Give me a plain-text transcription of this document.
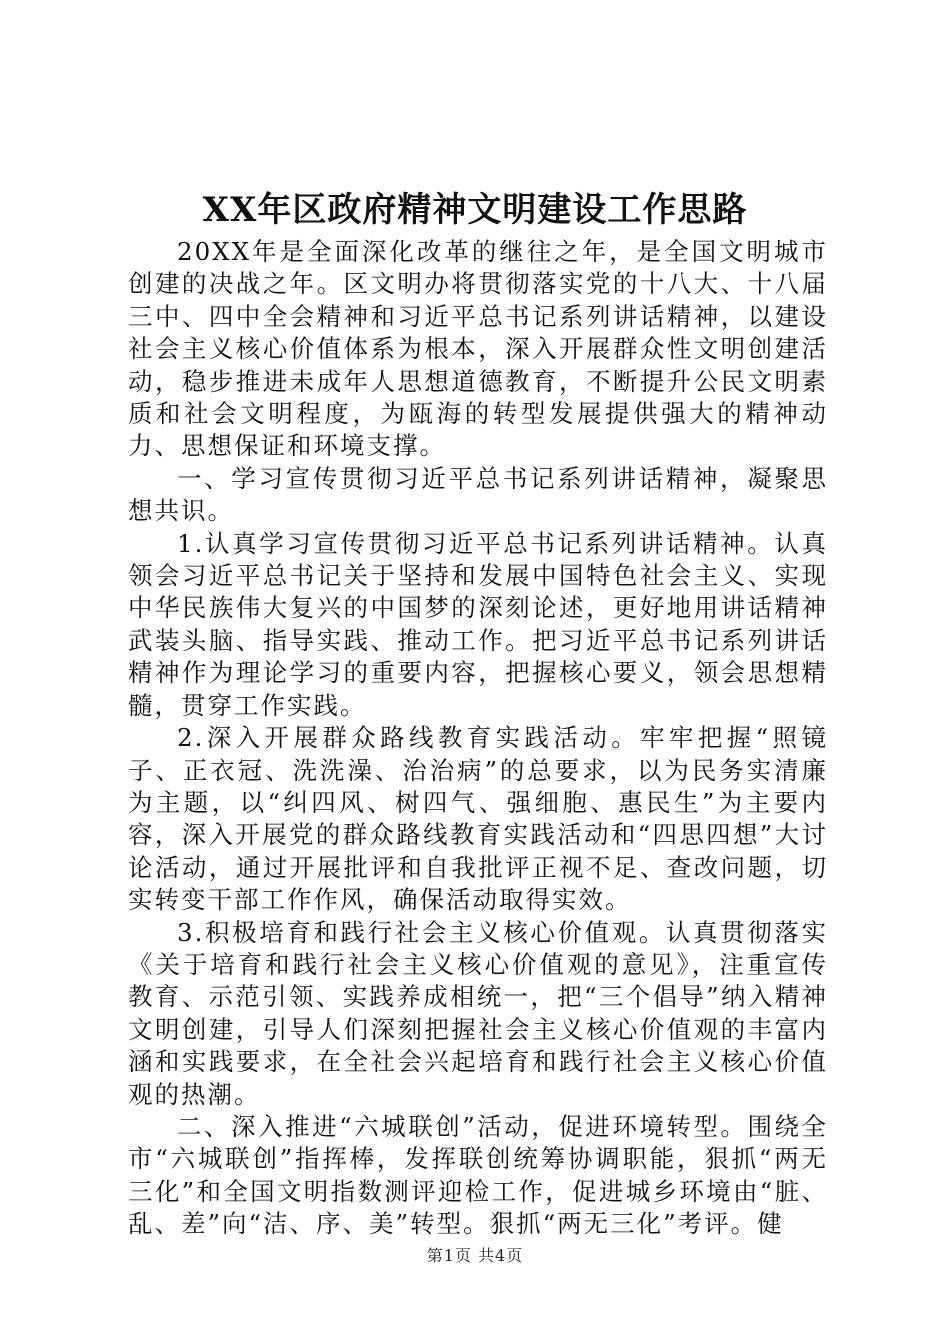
XX年区政府精神文明建设工作思路

20XX年是全面深化改革的继往之年，是全国文明城市创建的决战之年。区文明办将贯彻落实党的十八大、十八届三中、四中全会精神和习近平总书记系列讲话精神，以建设社会主义核心价值体系为根本，深入开展群众性文明创建活动，稳步推进未成年人思想道德教育，不断提升公民文明素质和社会文明程度，为瓯海的转型发展提供强大的精神动力、思想保证和环境支撑。

一、学习宣传贯彻习近平总书记系列讲话精神，凝聚思想共识。

1.认真学习宣传贯彻习近平总书记系列讲话精神。认真领会习近平总书记关于坚持和发展中国特色社会主义、实现中华民族伟大复兴的中国梦的深刻论述，更好地用讲话精神武装头脑、指导实践、推动工作。把习近平总书记系列讲话精神作为理论学习的重要内容，把握核心要义，领会思想精髓，贯穿工作实践。

2.深入开展群众路线教育实践活动。牢牢把握“照镜子、正衣冠、洗洗澡、治治病”的总要求，以为民务实清廉为主题，以“纠四风、树四气、强细胞、惠民生”为主要内容，深入开展党的群众路线教育实践活动和“四思四想”大讨论活动，通过开展批评和自我批评正视不足、查改问题，切实转变干部工作作风，确保活动取得实效。

3.积极培育和践行社会主义核心价值观。认真贯彻落实《关于培育和践行社会主义核心价值观的意见》，注重宣传教育、示范引领、实践养成相统一，把“三个倡导”纳入精神文明创建，引导人们深刻把握社会主义核心价值观的丰富内涵和实践要求，在全社会兴起培育和践行社会主义核心价值观的热潮。

二、深入推进“六城联创”活动，促进环境转型。围绕全市“六城联创”指挥棒，发挥联创统筹协调职能，狠抓“两无三化”和全国文明指数测评迎检工作，促进城乡环境由“脏、乱、差”向“洁、序、美”转型。狠抓“两无三化”考评。健

第1页 共4页
